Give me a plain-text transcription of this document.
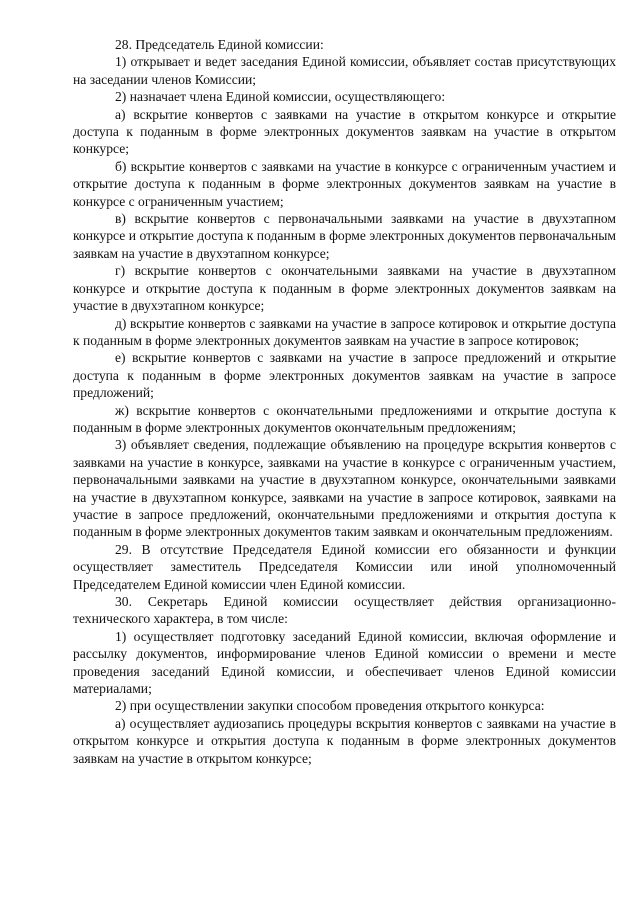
28. Председатель Единой комиссии:

1) открывает и ведет заседания Единой комиссии, объявляет состав присутствующих на заседании членов Комиссии;

2) назначает члена Единой комиссии, осуществляющего:

а) вскрытие конвертов с заявками на участие в открытом конкурсе и открытие доступа к поданным в форме электронных документов заявкам на участие в открытом конкурсе;

б) вскрытие конвертов с заявками на участие в конкурсе с ограниченным участием и открытие доступа к поданным в форме электронных документов заявкам на участие в конкурсе с ограниченным участием;

в) вскрытие конвертов с первоначальными заявками на участие в двухэтапном конкурсе и открытие доступа к поданным в форме электронных документов первоначальным заявкам на участие в двухэтапном конкурсе;

г) вскрытие конвертов с окончательными заявками на участие в двухэтапном конкурсе и открытие доступа к поданным в форме электронных документов заявкам на участие в двухэтапном конкурсе;

д) вскрытие конвертов с заявками на участие в запросе котировок и открытие доступа к поданным в форме электронных документов заявкам на участие в запросе котировок;

е) вскрытие конвертов с заявками на участие в запросе предложений и открытие доступа к поданным в форме электронных документов заявкам на участие в запросе предложений;

ж) вскрытие конвертов с окончательными предложениями и открытие доступа к поданным в форме электронных документов окончательным предложениям;

3) объявляет сведения, подлежащие объявлению на процедуре вскрытия конвертов с заявками на участие в конкурсе, заявками на участие в конкурсе с ограниченным участием, первоначальными заявками на участие в двухэтапном конкурсе, окончательными заявками на участие в двухэтапном конкурсе, заявками на участие в запросе котировок, заявками на участие в запросе предложений, окончательными предложениями и открытия доступа к поданным в форме электронных документов таким заявкам и окончательным предложениям.

29. В отсутствие Председателя Единой комиссии его обязанности и функции осуществляет заместитель Председателя Комиссии или иной уполномоченный Председателем Единой комиссии член Единой комиссии.

30. Секретарь Единой комиссии осуществляет действия организационно-технического характера, в том числе:

1) осуществляет подготовку заседаний Единой комиссии, включая оформление и рассылку документов, информирование членов Единой комиссии о времени и месте проведения заседаний Единой комиссии, и обеспечивает членов Единой комиссии материалами;

2) при осуществлении закупки способом проведения открытого конкурса:

а) осуществляет аудиозапись процедуры вскрытия конвертов с заявками на участие в открытом конкурсе и открытия доступа к поданным в форме электронных документов заявкам на участие в открытом конкурсе;
